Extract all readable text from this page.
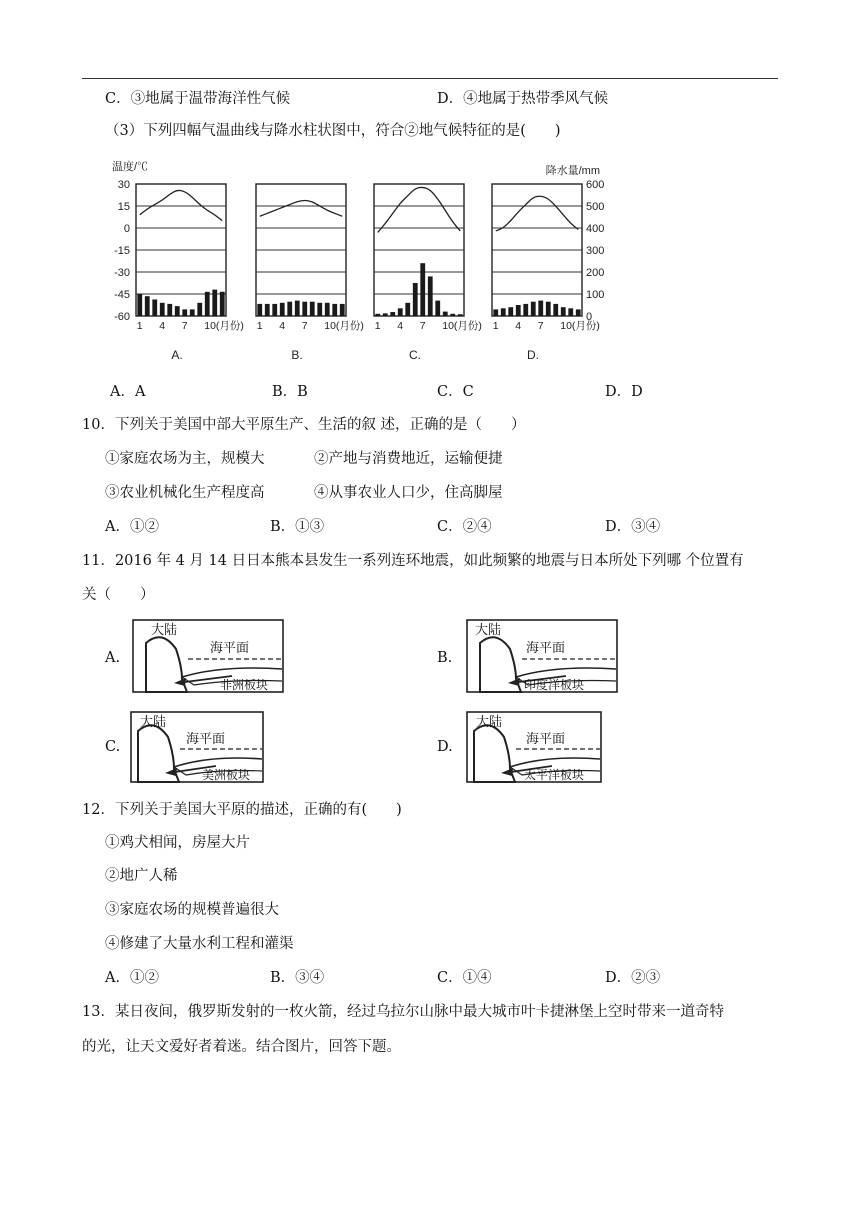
C．③地属于温带海洋性气候	D．④地属于热带季风气候
（3）下列四幅气温曲线与降水柱状图中，符合②地气候特征的是(　　)
温度/℃	降水量/mm
30
15
0
-15
-30
-45
-60
600
500
400
300
200
100
0
1 4 7 10(月份)
A.
1 4 7 10(月份)
B.
1 4 7 10(月份)
C.
1 4 7 10(月份)
D.
A．A	B．B	C．C	D．D
10．下列关于美国中部大平原生产、生活的叙 述，正确的是（　　）
①家庭农场为主，规模大	②产地与消费地近，运输便捷
③农业机械化生产程度高	④从事农业人口少，住高脚屋
A．①②	B．①③	C．②④	D．③④
11．2016 年 4 月 14 日日本熊本县发生一系列连环地震，如此频繁的地震与日本所处下列哪 个位置有
关（　　）
A.	B.
C.	D.
大陆
海平面
非洲板块
大陆
海平面
印度洋板块
大陆
海平面
美洲板块
大陆
海平面
太平洋板块
12．下列关于美国大平原的描述，正确的有(　　)
①鸡犬相闻，房屋大片
②地广人稀
③家庭农场的规模普遍很大
④修建了大量水利工程和灌渠
A．①②	B．③④	C．①④	D．②③
13．某日夜间，俄罗斯发射的一枚火箭，经过乌拉尔山脉中最大城市叶卡捷淋堡上空时带来一道奇特
的光，让天文爱好者着迷。结合图片，回答下题。
